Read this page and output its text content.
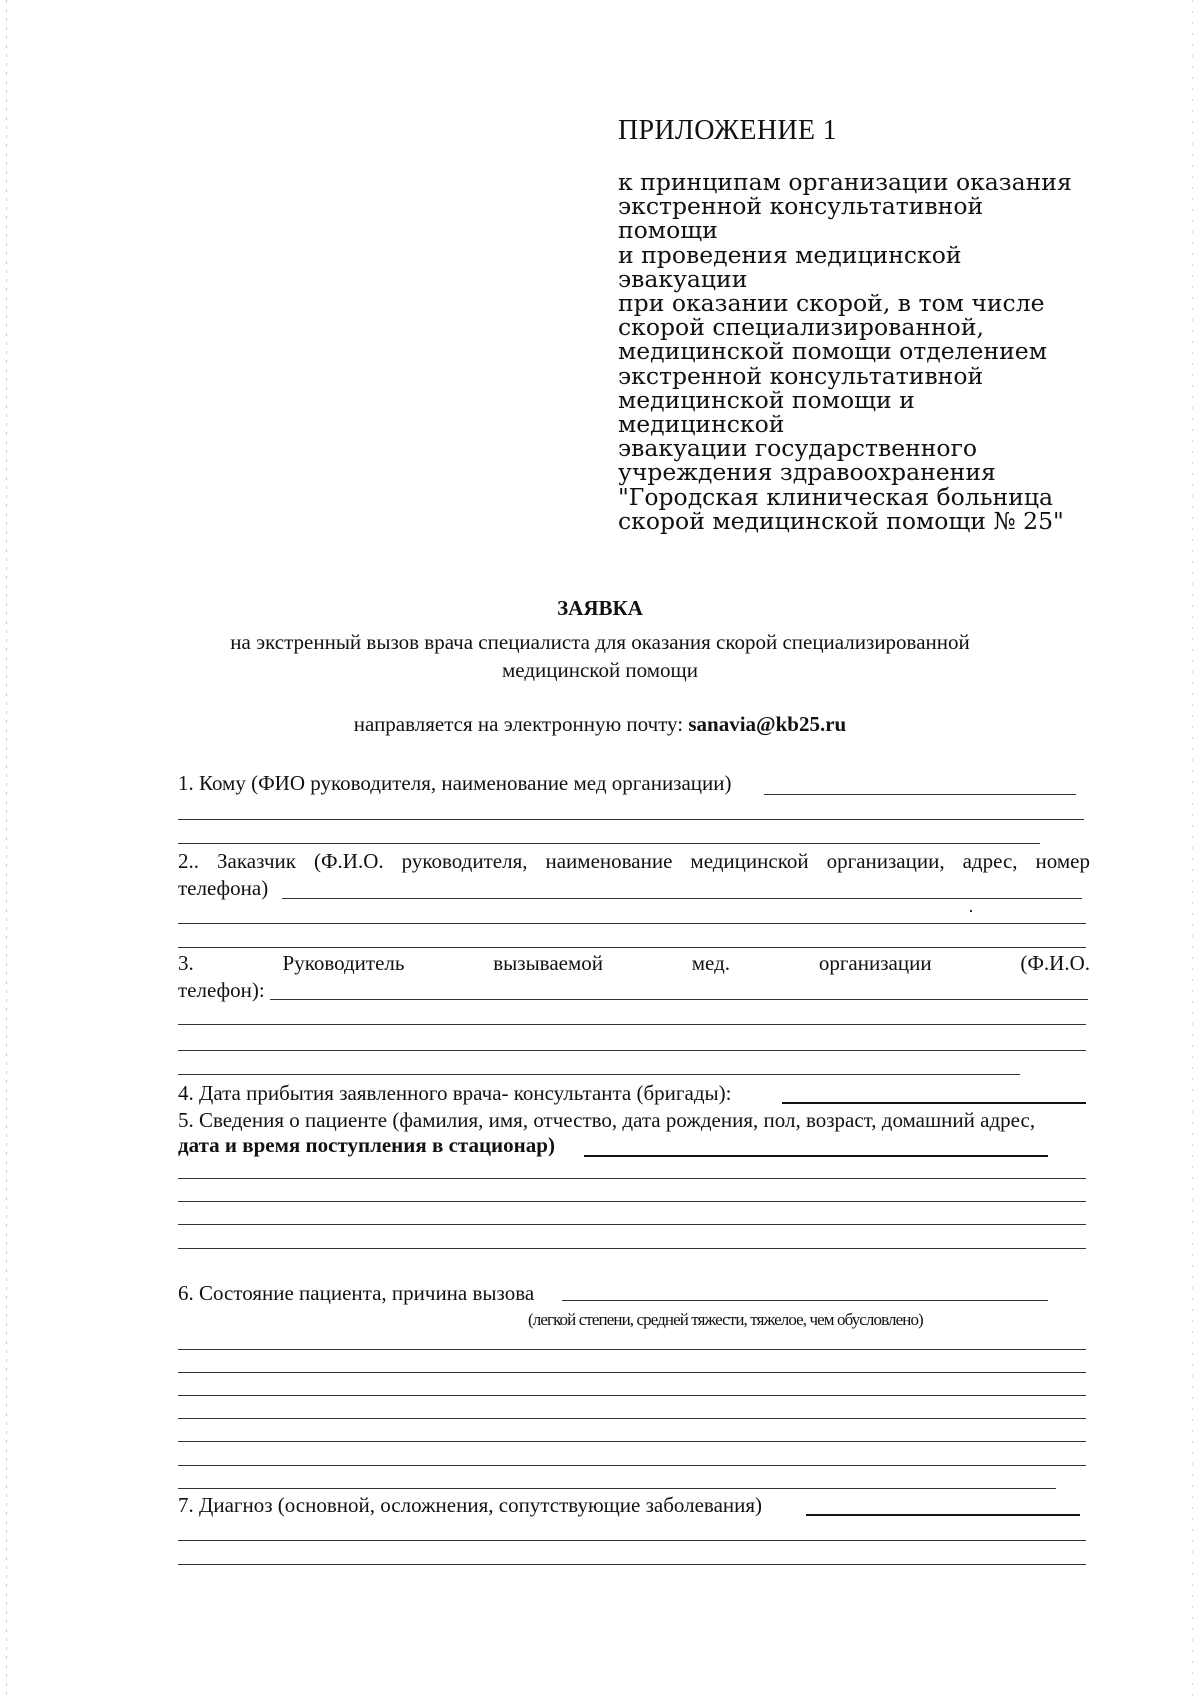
ПРИЛОЖЕНИЕ 1
к принципам организации оказания
экстренной консультативной помощи
и проведения медицинской эвакуации
при оказании скорой, в том числе
скорой специализированной,
медицинской помощи отделением
экстренной консультативной
медицинской помощи и медицинской
эвакуации государственного
учреждения здравоохранения
"Городская клиническая больница
скорой медицинской помощи № 25"
ЗАЯВКА
на экстренный вызов врача специалиста для оказания скорой специализированной
медицинской помощи
направляется на электронную почту: sanavia@kb25.ru
1. Кому (ФИО руководителя, наименование мед организации)
2.. Заказчик (Ф.И.О. руководителя, наименование медицинской организации, адрес, номер
телефона)
3.	Руководитель	вызываемой	мед.	организации	(Ф.И.О.
телефон):
4. Дата прибытия заявленного врача- консультанта (бригады):
5. Сведения о пациенте (фамилия, имя, отчество, дата рождения, пол, возраст, домашний адрес,
дата и время поступления в стационар)
6. Состояние пациента, причина вызова
(легкой степени, средней тяжести, тяжелое, чем обусловлено)
7. Диагноз (основной, осложнения, сопутствующие заболевания)
